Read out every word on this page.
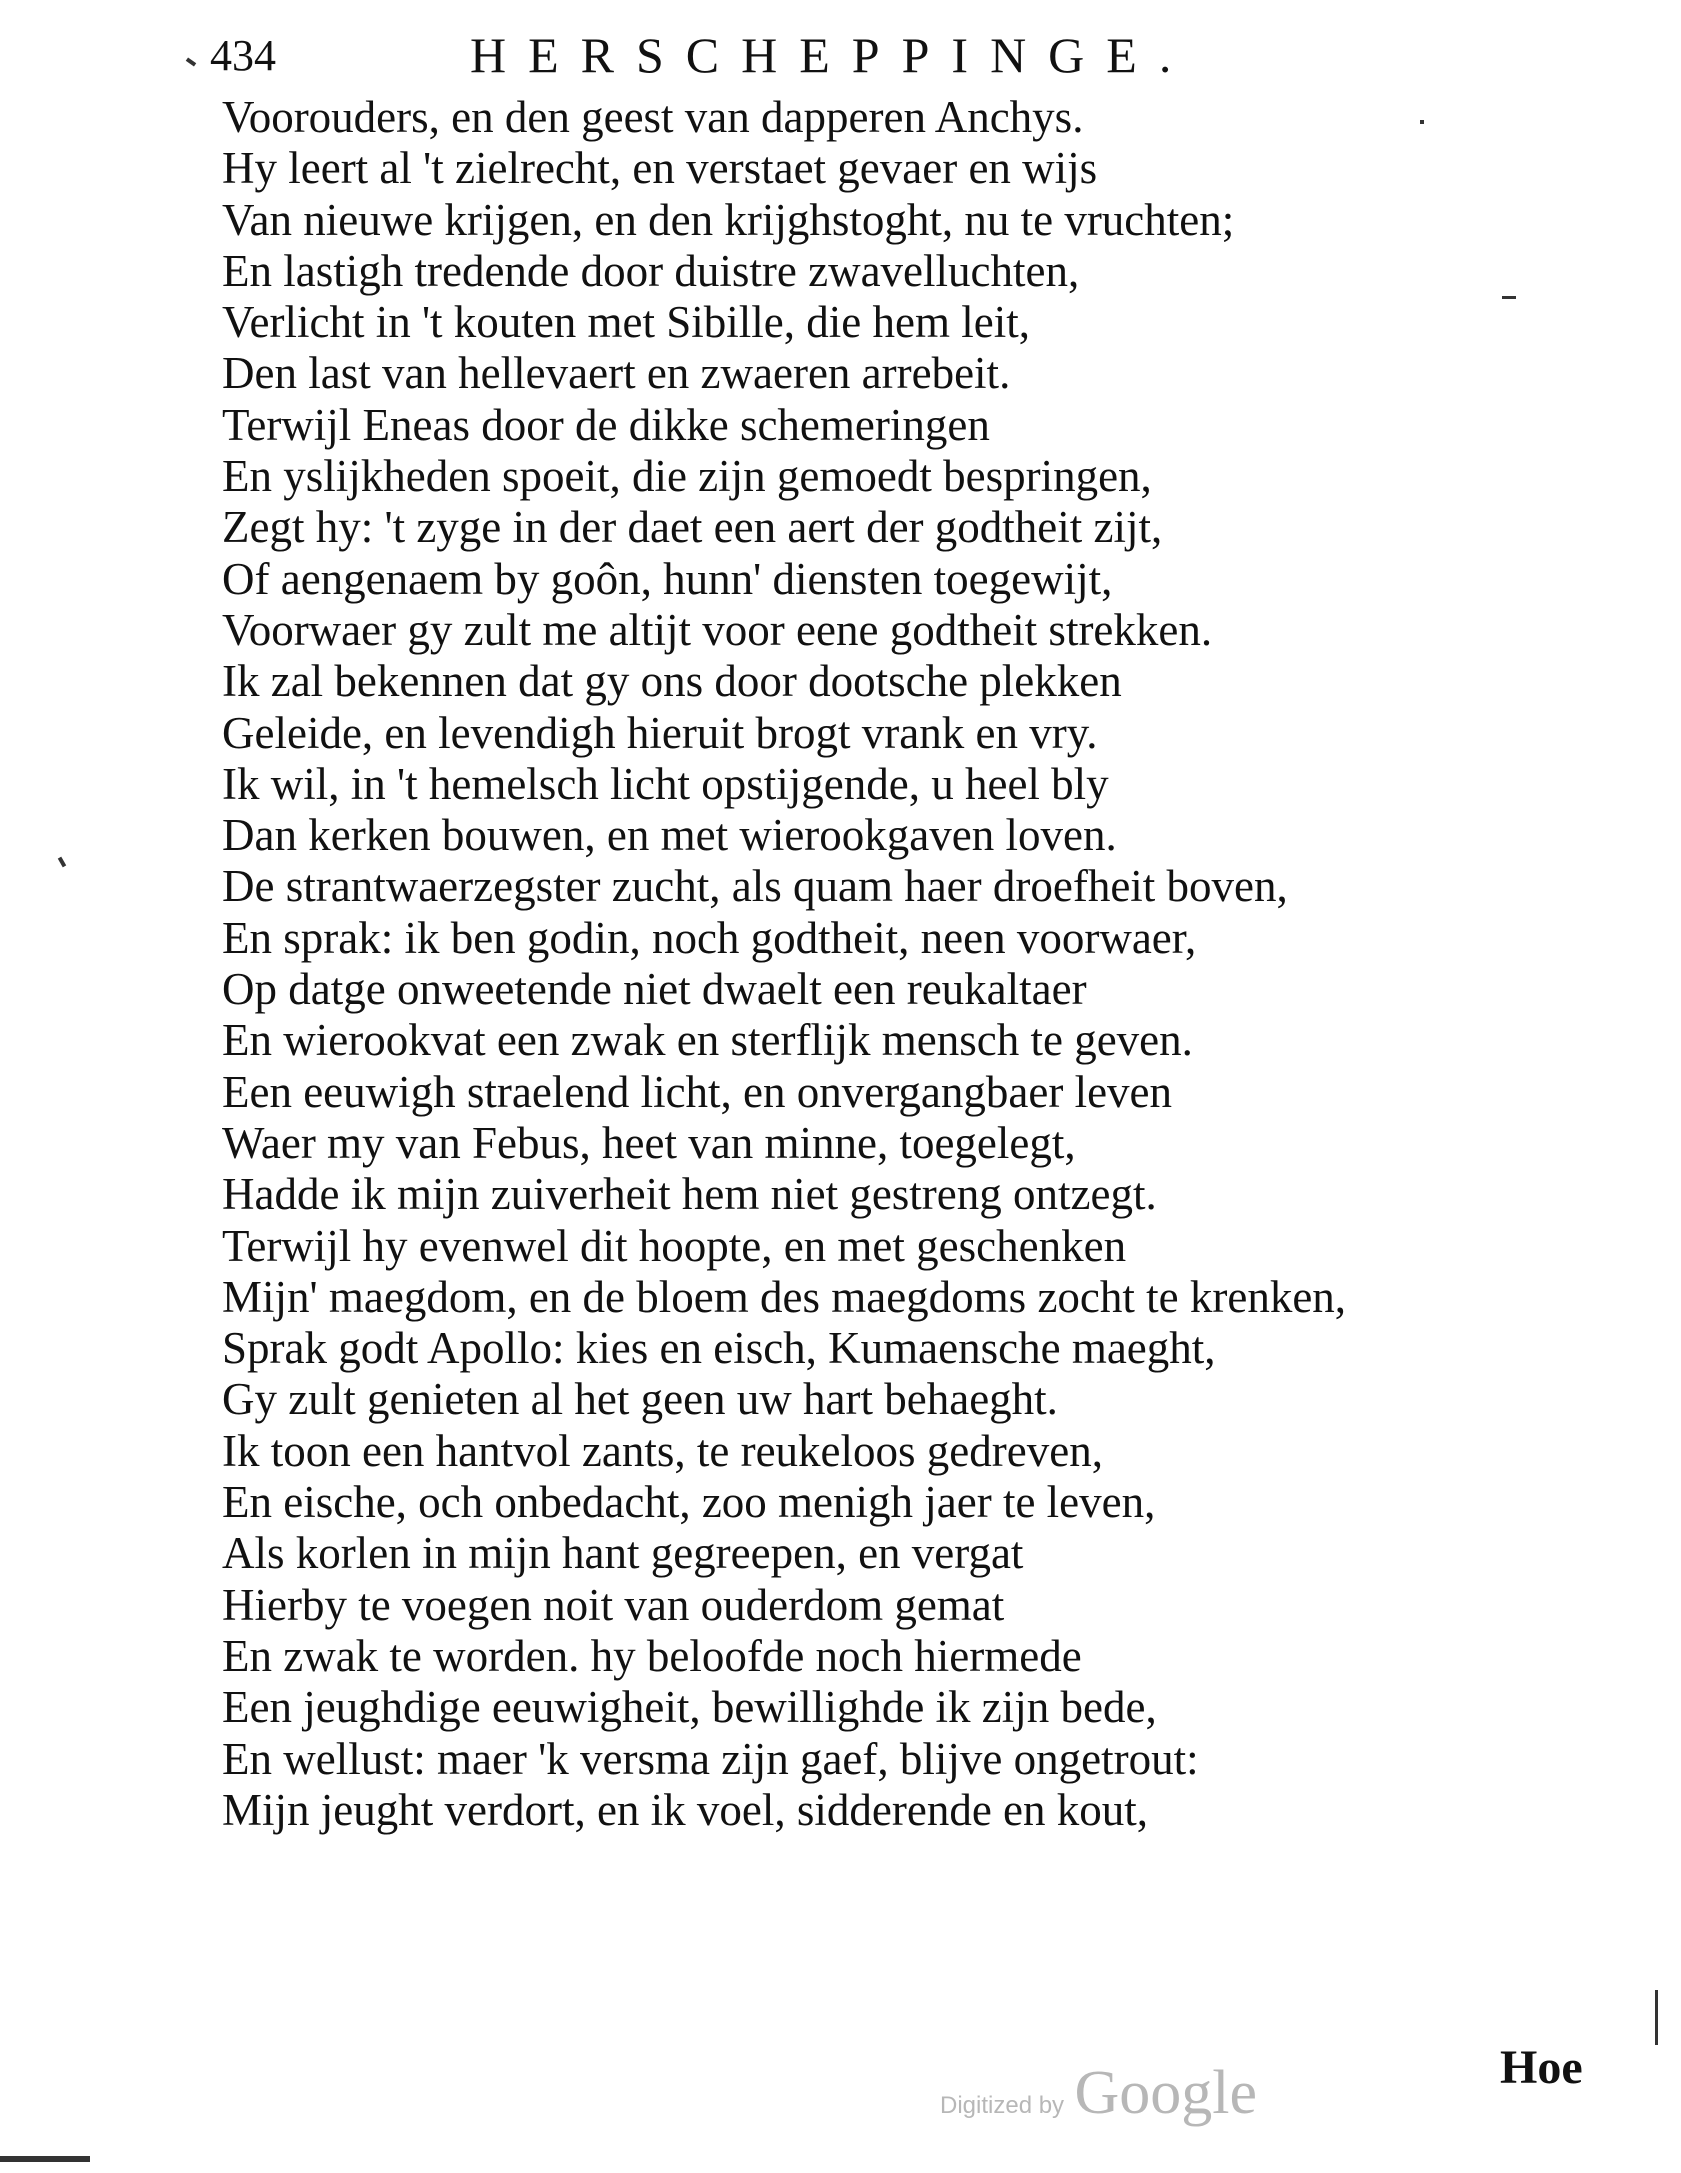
434	HERSCHEPPINGE.
Voorouders, en den geest van dapperen Anchys.
Hy leert al 't zielrecht, en verstaet gevaer en wijs
Van nieuwe krijgen, en den krijghstoght, nu te vruchten;
En lastigh tredende door duistre zwavelluchten,
Verlicht in 't kouten met Sibille, die hem leit,
Den last van hellevaert en zwaeren arrebeit.
Terwijl Eneas door de dikke schemeringen
En yslijkheden spoeit, die zijn gemoedt bespringen,
Zegt hy: 't zyge in der daet een aert der godtheit zijt,
Of aengenaem by goôn, hunn' diensten toegewijt,
Voorwaer gy zult me altijt voor eene godtheit strekken.
Ik zal bekennen dat gy ons door dootsche plekken
Geleide, en levendigh hieruit brogt vrank en vry.
Ik wil, in 't hemelsch licht opstijgende, u heel bly
Dan kerken bouwen, en met wierookgaven loven.
De strantwaerzegster zucht, als quam haer droefheit boven,
En sprak: ik ben godin, noch godtheit, neen voorwaer,
Op datge onweetende niet dwaelt een reukaltaer
En wierookvat een zwak en sterflijk mensch te geven.
Een eeuwigh straelend licht, en onvergangbaer leven
Waer my van Febus, heet van minne, toegelegt,
Hadde ik mijn zuiverheit hem niet gestreng ontzegt.
Terwijl hy evenwel dit hoopte, en met geschenken
Mijn' maegdom, en de bloem des maegdoms zocht te krenken,
Sprak godt Apollo: kies en eisch, Kumaensche maeght,
Gy zult genieten al het geen uw hart behaeght.
Ik toon een hantvol zants, te reukeloos gedreven,
En eische, och onbedacht, zoo menigh jaer te leven,
Als korlen in mijn hant gegreepen, en vergat
Hierby te voegen noit van ouderdom gemat
En zwak te worden. hy beloofde noch hiermede
Een jeughdige eeuwigheit, bewillighde ik zijn bede,
En wellust: maer 'k versma zijn gaef, blijve ongetrout:
Mijn jeught verdort, en ik voel, sidderende en kout,
Digitized by Google	Hoe
